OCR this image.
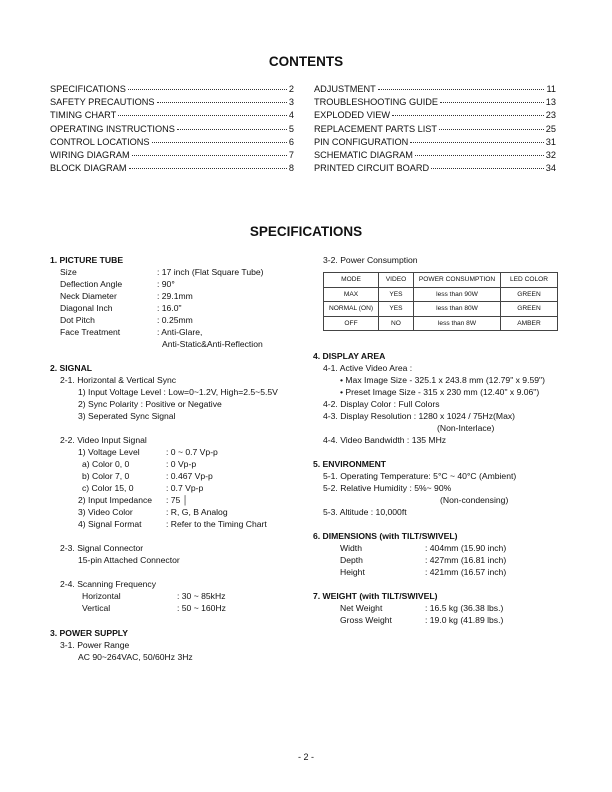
CONTENTS
SPECIFICATIONS	2
SAFETY PRECAUTIONS	3
TIMING CHART	4
OPERATING INSTRUCTIONS	5
CONTROL LOCATIONS	6
WIRING DIAGRAM	7
BLOCK DIAGRAM	8
ADJUSTMENT	11
TROUBLESHOOTING GUIDE	13
EXPLODED VIEW	23
REPLACEMENT PARTS LIST	25
PIN CONFIGURATION	31
SCHEMATIC DIAGRAM	32
PRINTED CIRCUIT BOARD	34
SPECIFICATIONS
1. PICTURE TUBE
Size	: 17 inch (Flat Square Tube)
Deflection Angle	: 90°
Neck Diameter	: 29.1mm
Diagonal Inch	: 16.0"
Dot Pitch	: 0.25mm
Face Treatment	: Anti-Glare,
Anti-Static&Anti-Reflection
2. SIGNAL
2-1. Horizontal & Vertical Sync
1) Input Voltage Level : Low=0~1.2V, High=2.5~5.5V
2) Sync Polarity : Positive or Negative
3) Seperated Sync Signal
2-2. Video Input Signal
1) Voltage Level	: 0 ~ 0.7 Vp-p
a) Color 0, 0	: 0 Vp-p
b) Color 7, 0	: 0.467 Vp-p
c) Color 15, 0	: 0.7 Vp-p
2) Input Impedance : 75 │
3) Video Color	: R, G, B Analog
4) Signal Format	: Refer to the Timing Chart
2-3. Signal Connector
15-pin Attached Connector
2-4. Scanning Frequency
Horizontal	: 30 ~ 85kHz
Vertical	: 50 ~ 160Hz
3. POWER SUPPLY
3-1. Power Range
AC 90~264VAC, 50/60Hz 3Hz
3-2. Power Consumption
MODE	VIDEO	POWER CONSUMPTION	LED COLOR
MAX	YES	less than 90W	GREEN
NORMAL (ON)	YES	less than 80W	GREEN
OFF	NO	less than 8W	AMBER
4. DISPLAY AREA
4-1. Active Video Area :
• Max Image Size - 325.1 x 243.8 mm (12.79" x 9.59")
• Preset Image Size - 315 x 230 mm (12.40" x 9.06")
4-2. Display Color : Full Colors
4-3. Display Resolution : 1280 x 1024 / 75Hz(Max)
(Non-Interlace)
4-4. Video Bandwidth : 135 MHz
5. ENVIRONMENT
5-1. Operating Temperature: 5°C ~ 40°C (Ambient)
5-2. Relative Humidity : 5%~ 90%
(Non-condensing)
5-3. Altitude : 10,000ft
6. DIMENSIONS (with TILT/SWIVEL)
Width	: 404mm (15.90 inch)
Depth	: 427mm (16.81 inch)
Height	: 421mm (16.57 inch)
7. WEIGHT (with TILT/SWIVEL)
Net Weight	: 16.5 kg (36.38 lbs.)
Gross Weight	: 19.0 kg (41.89 lbs.)
- 2 -
